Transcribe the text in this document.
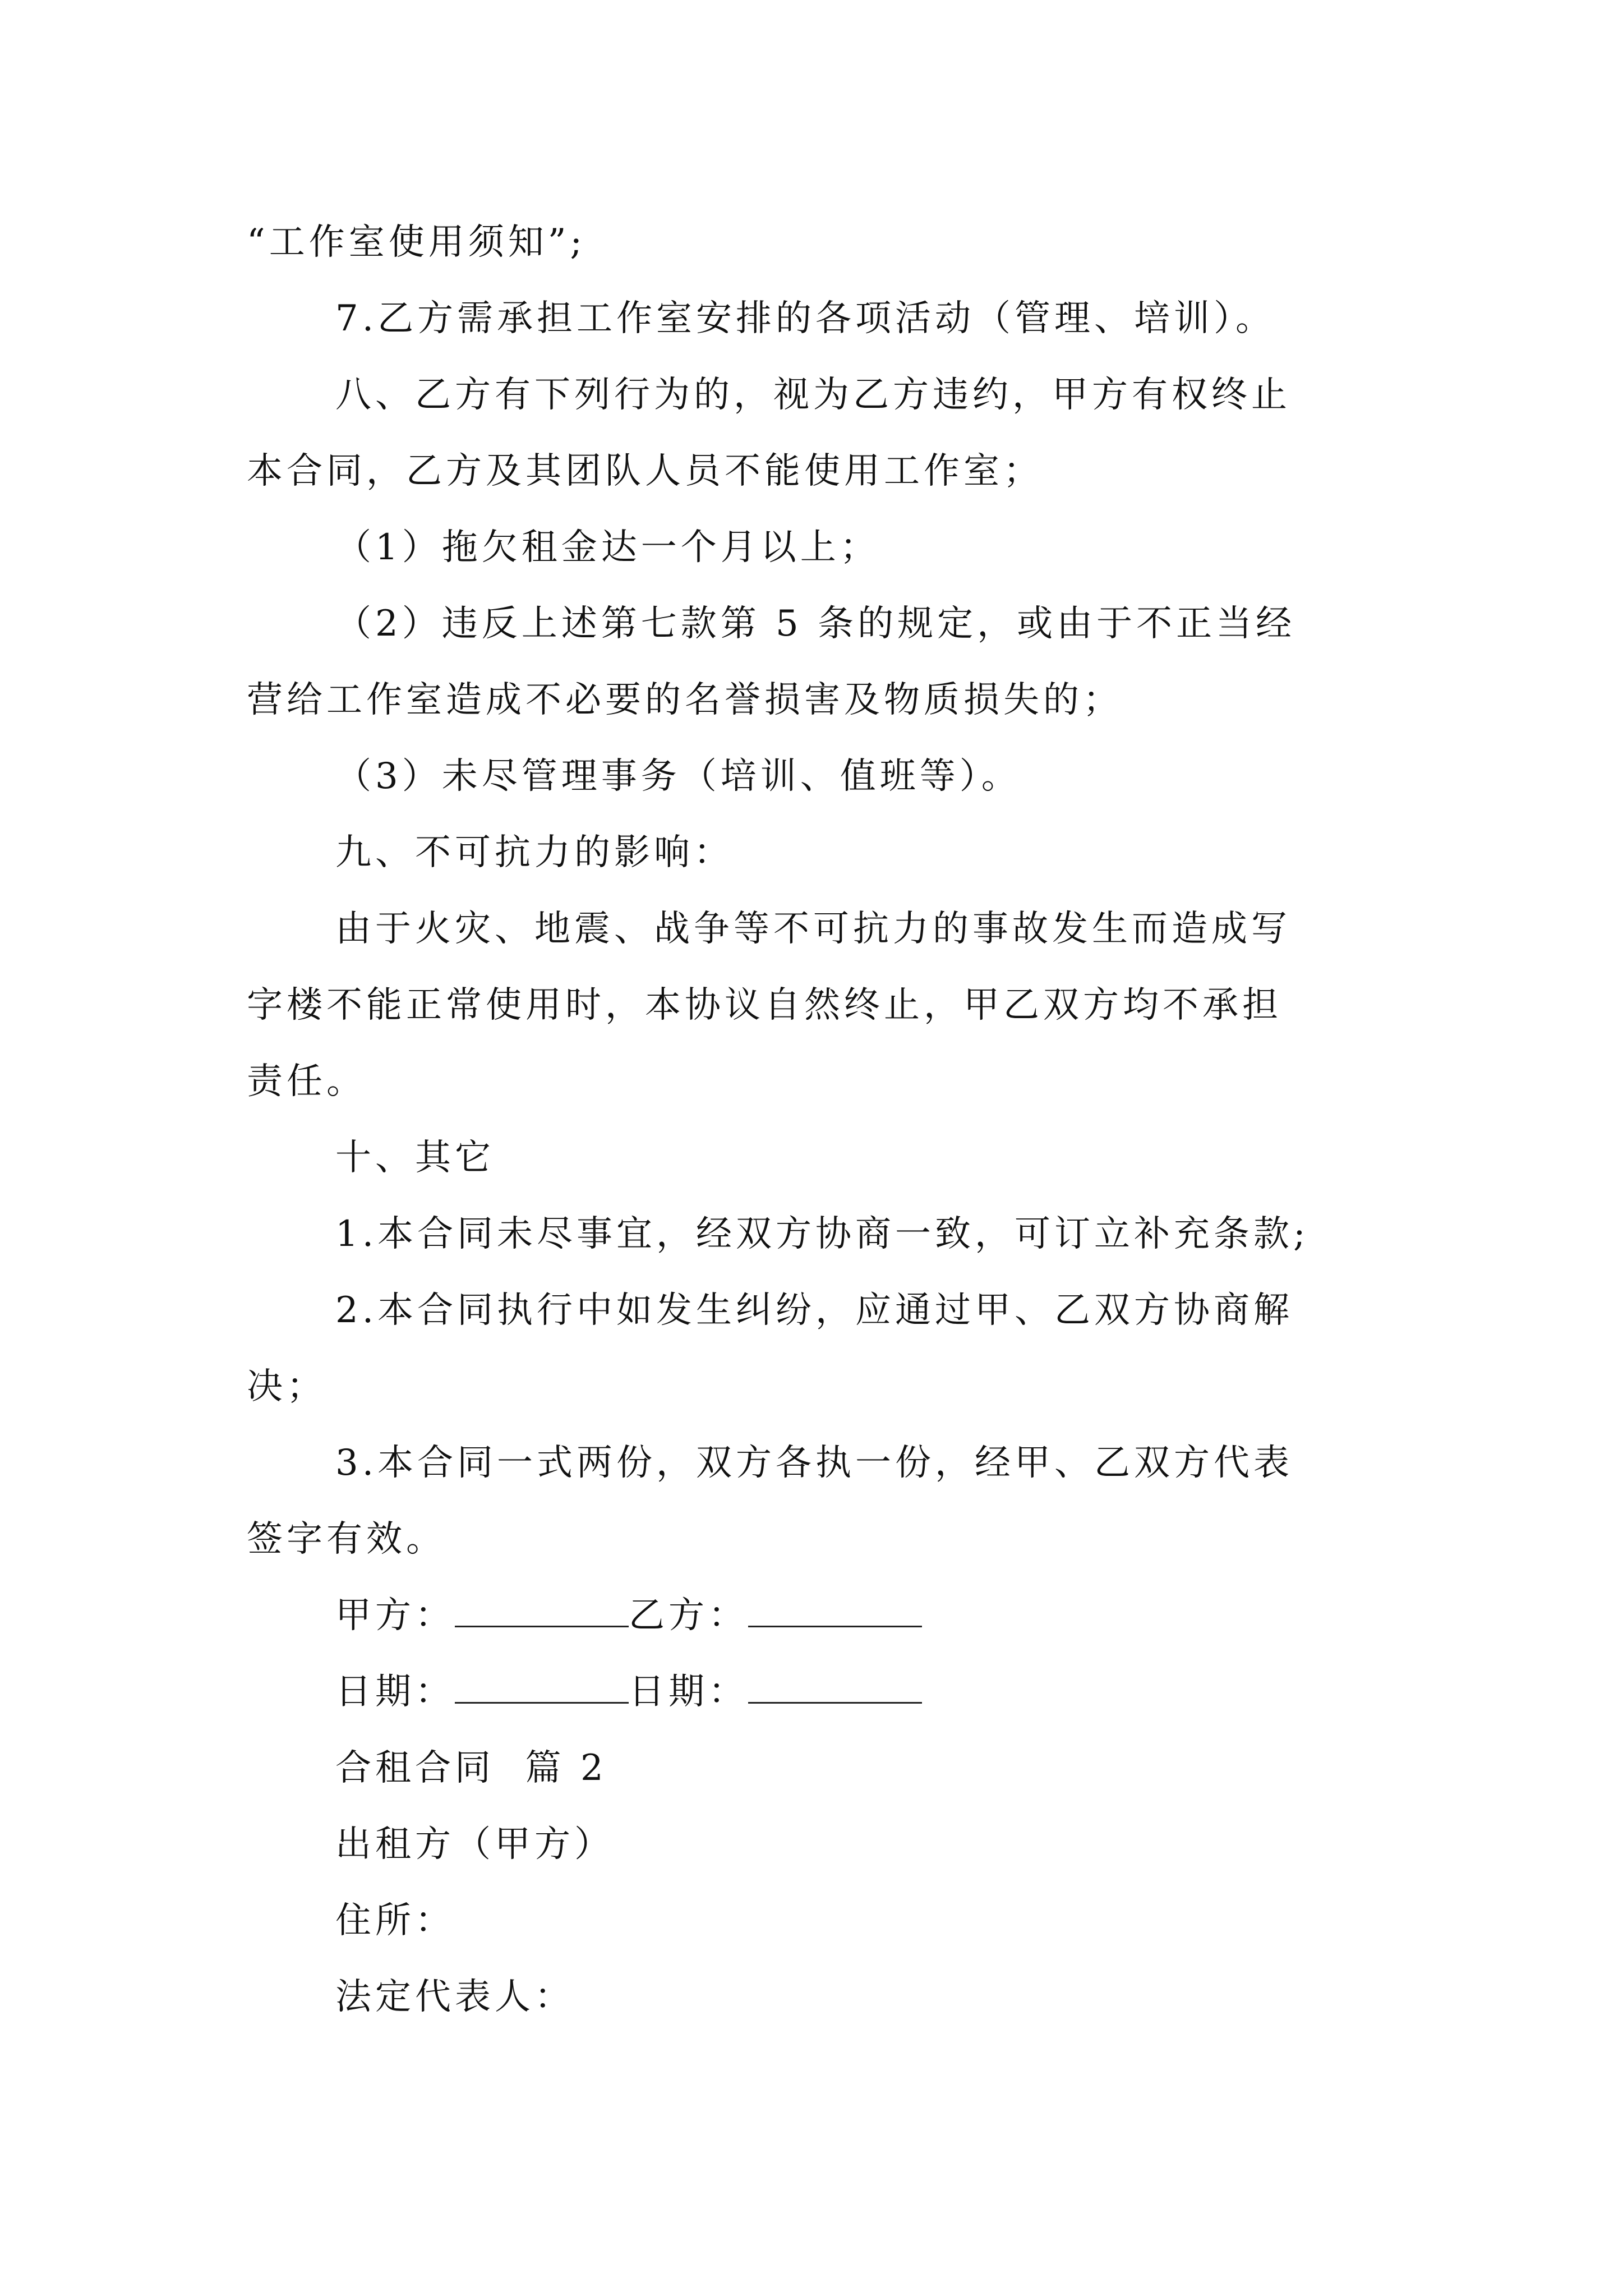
“工作室使用须知”;
7.乙方需承担工作室安排的各项活动（管理、培训）。
八、乙方有下列行为的，视为乙方违约，甲方有权终止
本合同，乙方及其团队人员不能使用工作室；
（1）拖欠租金达一个月以上；
（2）违反上述第七款第 5 条的规定，或由于不正当经
营给工作室造成不必要的名誉损害及物质损失的；
（3）未尽管理事务（培训、值班等）。
九、不可抗力的影响：
由于火灾、地震、战争等不可抗力的事故发生而造成写
字楼不能正常使用时，本协议自然终止，甲乙双方均不承担
责任。
十、其它
1.本合同未尽事宜，经双方协商一致，可订立补充条款;
2.本合同执行中如发生纠纷，应通过甲、乙双方协商解
决；
3.本合同一式两份，双方各执一份，经甲、乙双方代表
签字有效。
甲方：	乙方：
日期：	日期：
合租合同  篇 2
出租方（甲方）
住所：
法定代表人：
